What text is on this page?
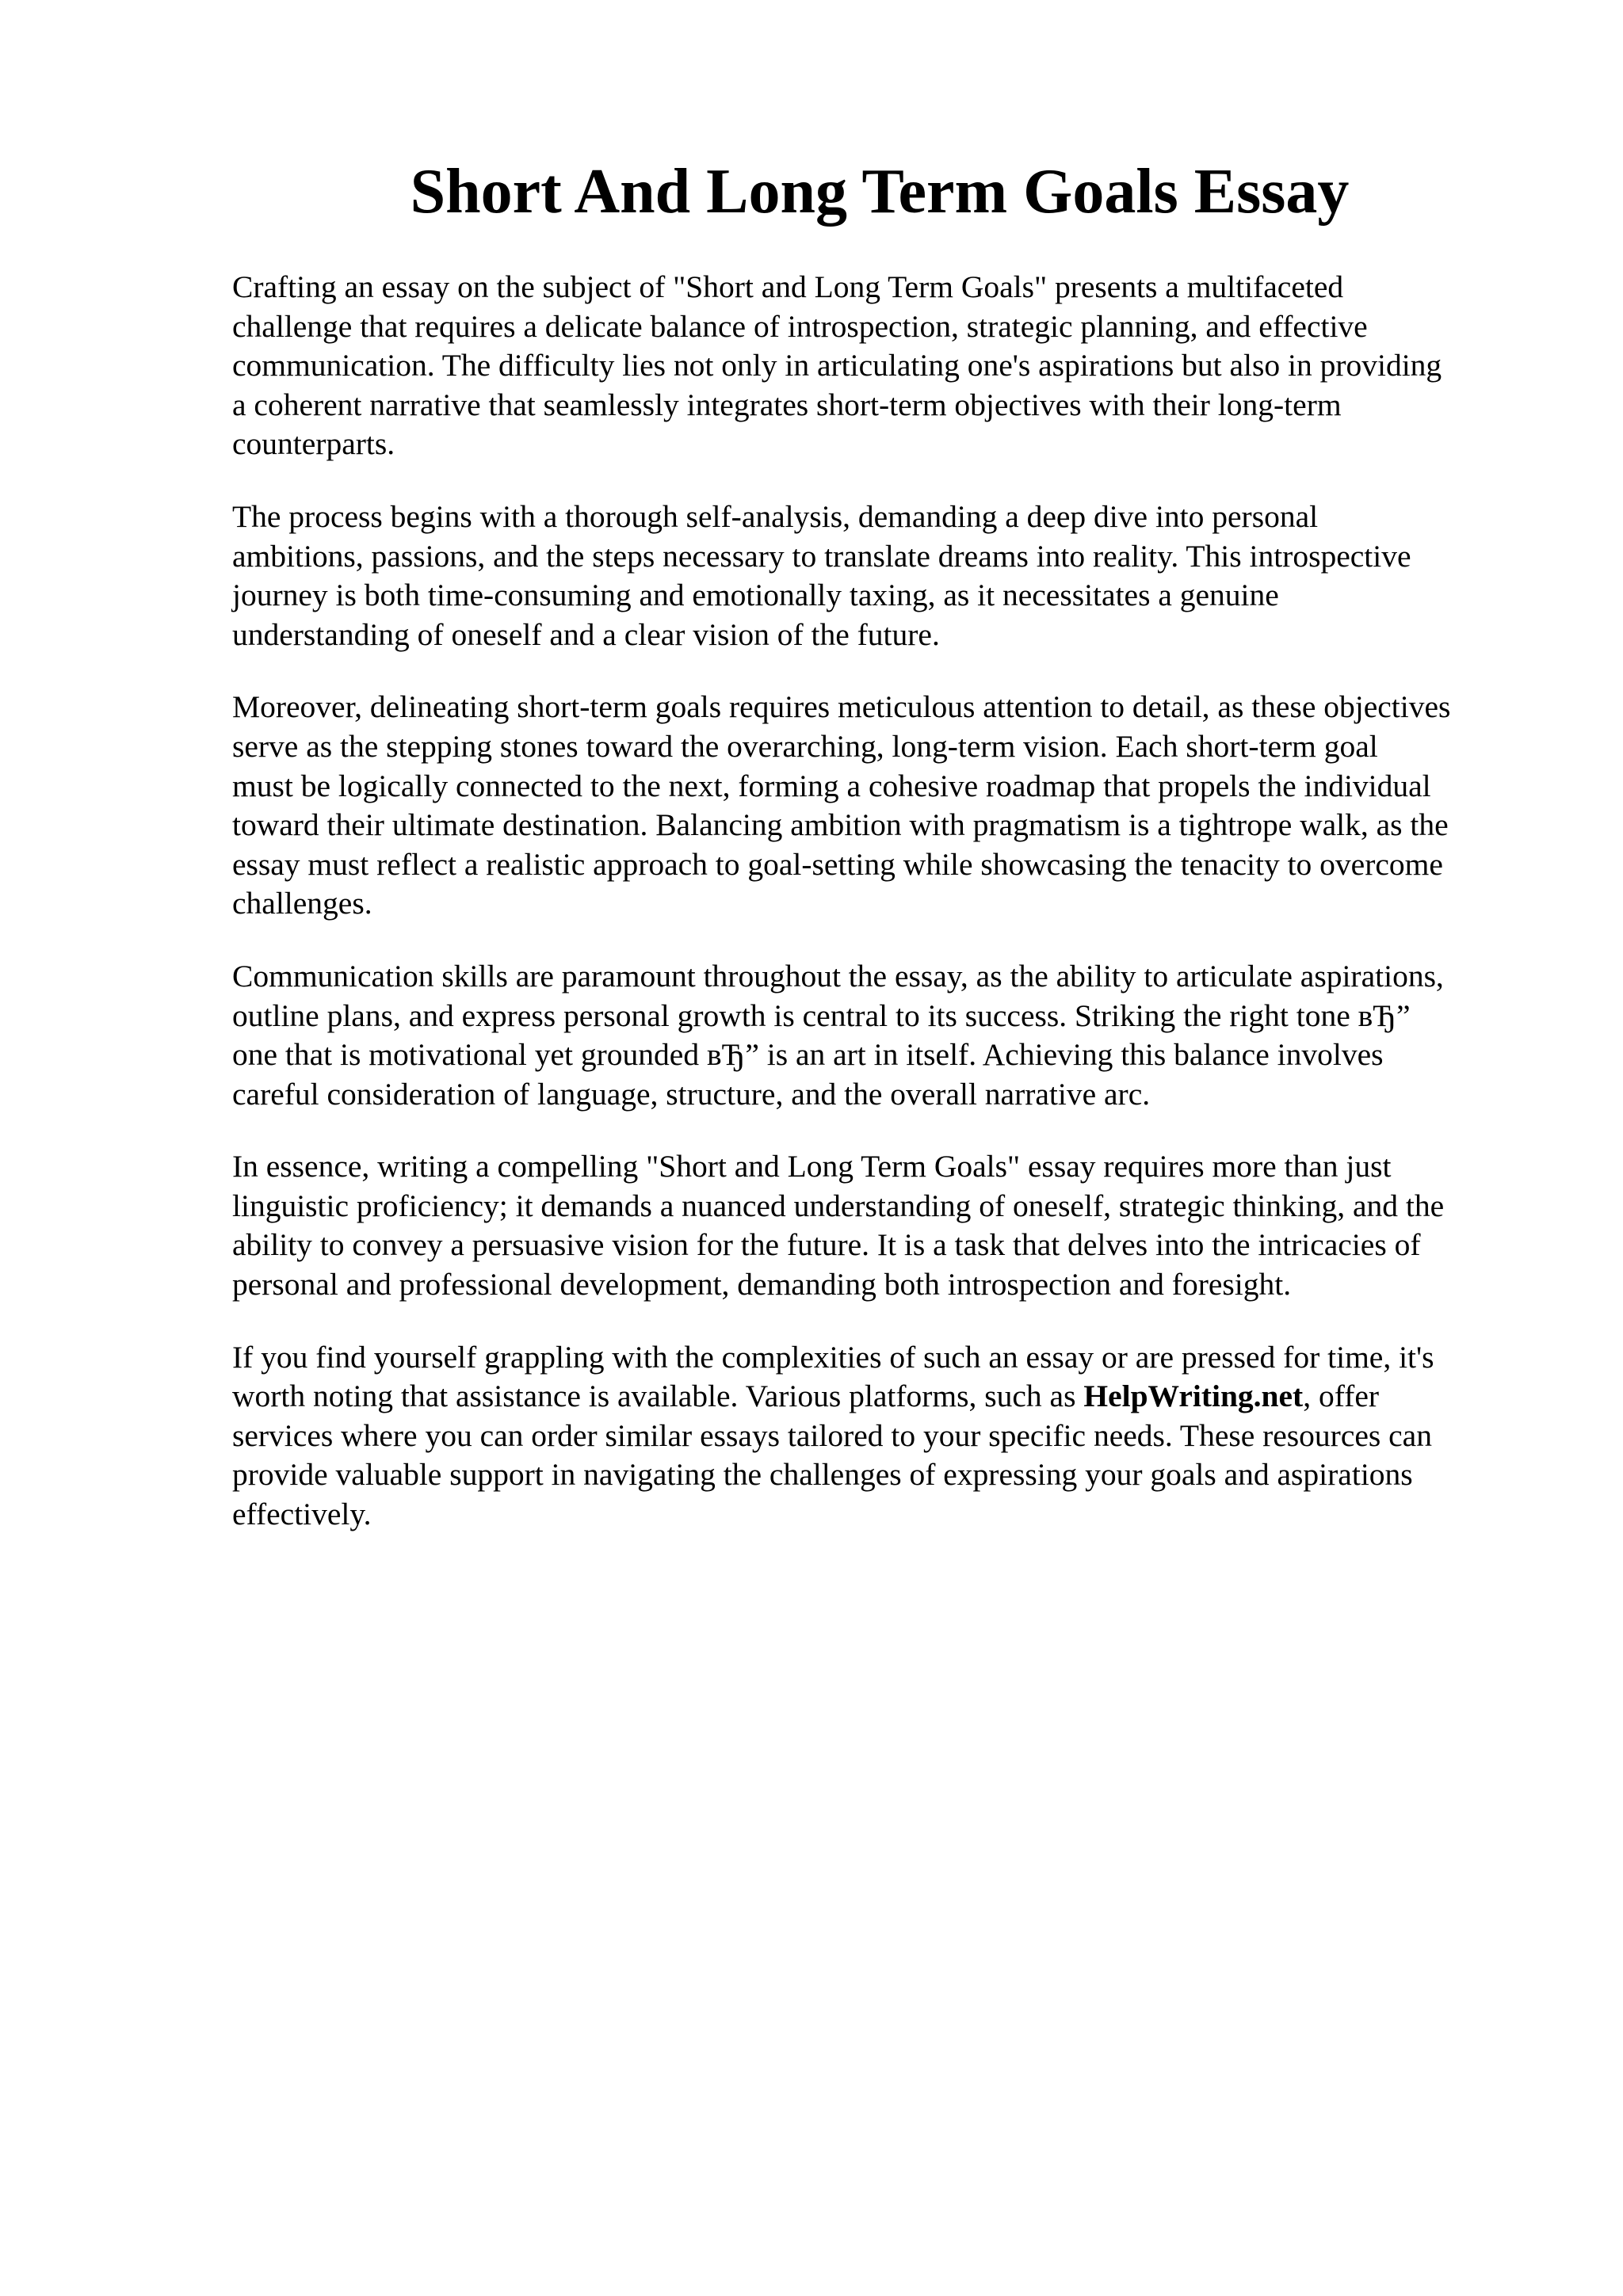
Short And Long Term Goals Essay

Crafting an essay on the subject of "Short and Long Term Goals" presents a multifaceted
challenge that requires a delicate balance of introspection, strategic planning, and effective
communication. The difficulty lies not only in articulating one's aspirations but also in providing
a coherent narrative that seamlessly integrates short-term objectives with their long-term
counterparts.

The process begins with a thorough self-analysis, demanding a deep dive into personal
ambitions, passions, and the steps necessary to translate dreams into reality. This introspective
journey is both time-consuming and emotionally taxing, as it necessitates a genuine
understanding of oneself and a clear vision of the future.

Moreover, delineating short-term goals requires meticulous attention to detail, as these objectives
serve as the stepping stones toward the overarching, long-term vision. Each short-term goal
must be logically connected to the next, forming a cohesive roadmap that propels the individual
toward their ultimate destination. Balancing ambition with pragmatism is a tightrope walk, as the
essay must reflect a realistic approach to goal-setting while showcasing the tenacity to overcome
challenges.

Communication skills are paramount throughout the essay, as the ability to articulate aspirations,
outline plans, and express personal growth is central to its success. Striking the right tone вЂ”
one that is motivational yet grounded вЂ” is an art in itself. Achieving this balance involves
careful consideration of language, structure, and the overall narrative arc.

In essence, writing a compelling "Short and Long Term Goals" essay requires more than just
linguistic proficiency; it demands a nuanced understanding of oneself, strategic thinking, and the
ability to convey a persuasive vision for the future. It is a task that delves into the intricacies of
personal and professional development, demanding both introspection and foresight.

If you find yourself grappling with the complexities of such an essay or are pressed for time, it's
worth noting that assistance is available. Various platforms, such as HelpWriting.net, offer
services where you can order similar essays tailored to your specific needs. These resources can
provide valuable support in navigating the challenges of expressing your goals and aspirations
effectively.
